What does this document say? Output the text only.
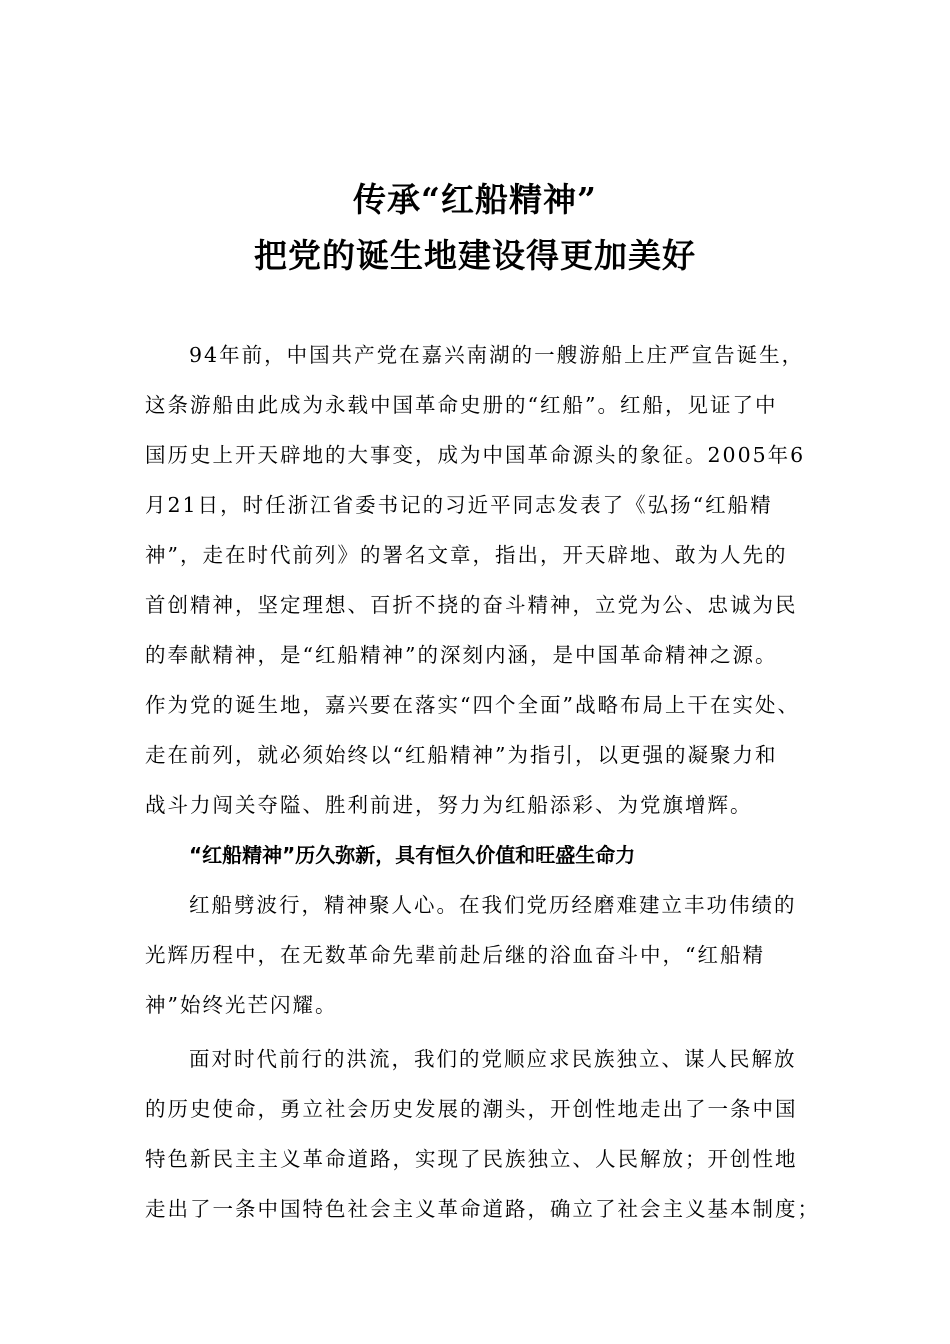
传承“红船精神”
把党的诞生地建设得更加美好
94年前，中国共产党在嘉兴南湖的一艘游船上庄严宣告诞生，
这条游船由此成为永载中国革命史册的“红船”。红船，见证了中
国历史上开天辟地的大事变，成为中国革命源头的象征。2005年6
月21日，时任浙江省委书记的习近平同志发表了《弘扬“红船精
神”，走在时代前列》的署名文章，指出，开天辟地、敢为人先的
首创精神，坚定理想、百折不挠的奋斗精神，立党为公、忠诚为民
的奉献精神，是“红船精神”的深刻内涵，是中国革命精神之源。
作为党的诞生地，嘉兴要在落实“四个全面”战略布局上干在实处、
走在前列，就必须始终以“红船精神”为指引，以更强的凝聚力和
战斗力闯关夺隘、胜利前进，努力为红船添彩、为党旗增辉。
“红船精神”历久弥新，具有恒久价值和旺盛生命力
红船劈波行，精神聚人心。在我们党历经磨难建立丰功伟绩的
光辉历程中，在无数革命先辈前赴后继的浴血奋斗中，“红船精
神”始终光芒闪耀。
面对时代前行的洪流，我们的党顺应求民族独立、谋人民解放
的历史使命，勇立社会历史发展的潮头，开创性地走出了一条中国
特色新民主主义革命道路，实现了民族独立、人民解放；开创性地
走出了一条中国特色社会主义革命道路，确立了社会主义基本制度；
